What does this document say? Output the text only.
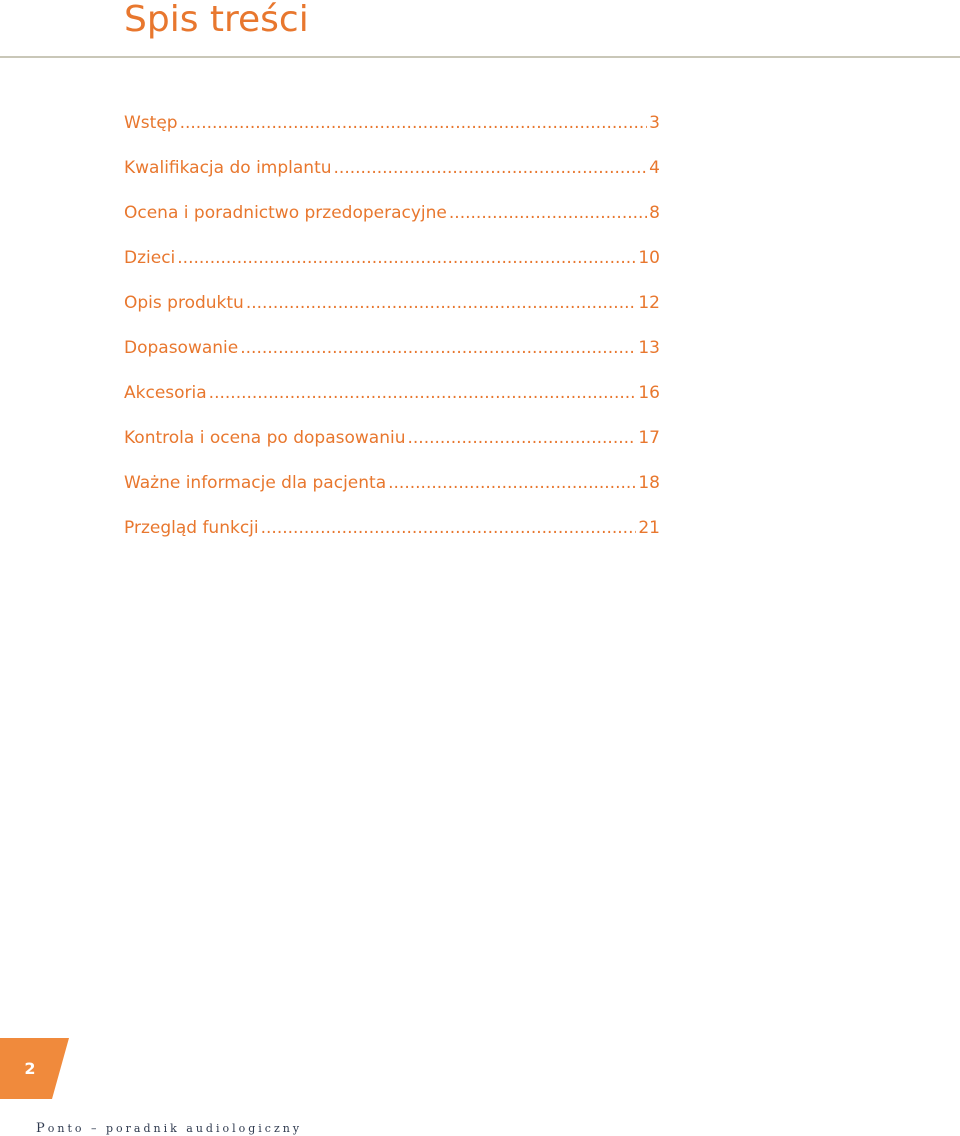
Spis treści
Wstęp .....	3
Kwalifikacja do implantu .....	4
Ocena i poradnictwo przedoperacyjne .....	8
Dzieci .....	10
Opis produktu .....	12
Dopasowanie .....	13
Akcesoria .....	16
Kontrola i ocena po dopasowaniu .....	17
Ważne informacje dla pacjenta .....	18
Przegląd funkcji .....	21
2
Ponto – poradnik audiologiczny
